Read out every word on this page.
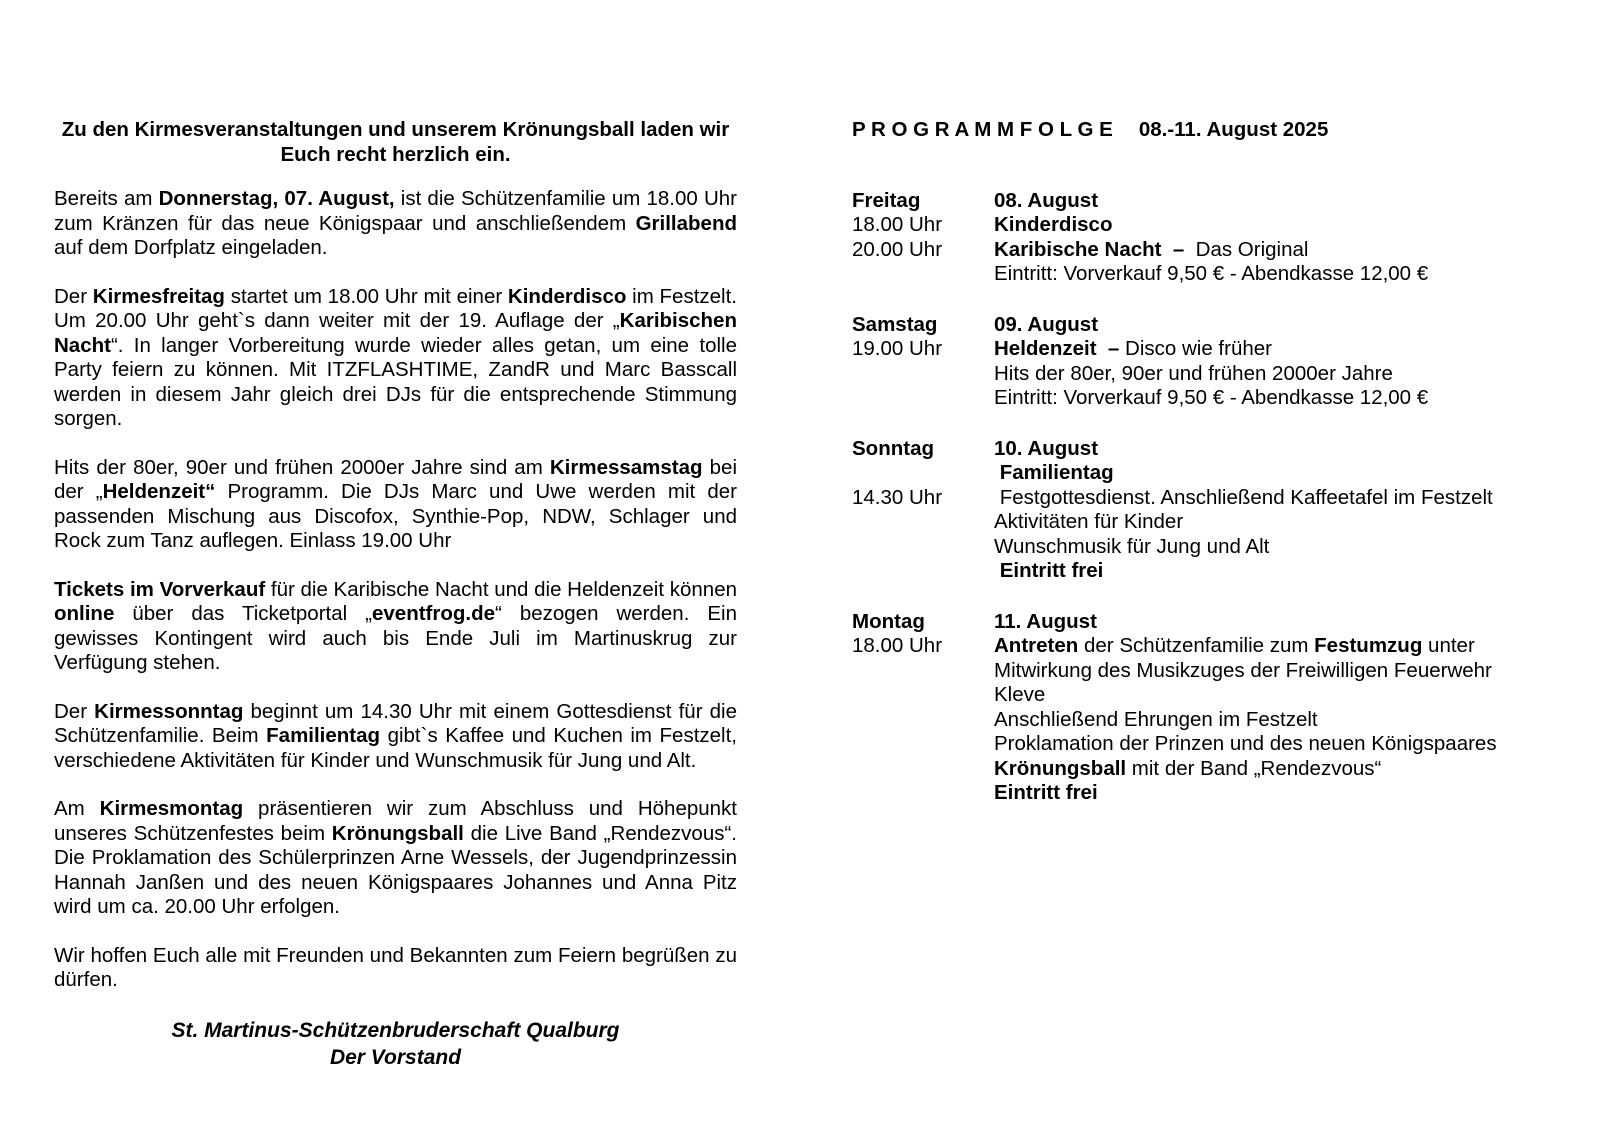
Zu den Kirmesveranstaltungen und unserem Krönungsball laden wir
Euch recht herzlich ein.

Bereits am Donnerstag, 07. August, ist die Schützenfamilie um 18.00 Uhr zum Kränzen für das neue Königspaar und anschließendem Grillabend auf dem Dorfplatz eingeladen.

Der Kirmesfreitag startet um 18.00 Uhr mit einer Kinderdisco im Festzelt. Um 20.00 Uhr geht`s dann weiter mit der 19. Auflage der „Karibischen Nacht“. In langer Vorbereitung wurde wieder alles getan, um eine tolle Party feiern zu können. Mit ITZFLASHTIME, ZandR und Marc Basscall werden in diesem Jahr gleich drei DJs für die entsprechende Stimmung sorgen.

Hits der 80er, 90er und frühen 2000er Jahre sind am Kirmessamstag bei der „Heldenzeit“ Programm. Die DJs Marc und Uwe werden mit der passenden Mischung aus Discofox, Synthie-Pop, NDW, Schlager und Rock zum Tanz auflegen. Einlass 19.00 Uhr

Tickets im Vorverkauf für die Karibische Nacht und die Heldenzeit können online über das Ticketportal „eventfrog.de“ bezogen werden. Ein gewisses Kontingent wird auch bis Ende Juli im Martinuskrug zur Verfügung stehen.

Der Kirmessonntag beginnt um 14.30 Uhr mit einem Gottesdienst für die Schützenfamilie. Beim Familientag gibt`s Kaffee und Kuchen im Festzelt, verschiedene Aktivitäten für Kinder und Wunschmusik für Jung und Alt.

Am Kirmesmontag präsentieren wir zum Abschluss und Höhepunkt unseres Schützenfestes beim Krönungsball die Live Band „Rendezvous“. Die Proklamation des Schülerprinzen Arne Wessels, der Jugendprinzessin Hannah Janßen und des neuen Königspaares Johannes und Anna Pitz wird um ca. 20.00 Uhr erfolgen.

Wir hoffen Euch alle mit Freunden und Bekannten zum Feiern begrüßen zu dürfen.

St. Martinus-Schützenbruderschaft Qualburg
Der Vorstand
P R O G R A M M F O L G E 08.-11. August 2025
Freitag	08. August
18.00 Uhr	Kinderdisco
20.00 Uhr	Karibische Nacht  –  Das Original
Eintritt: Vorverkauf 9,50 € - Abendkasse 12,00 €
Samstag	09. August
19.00 Uhr	Heldenzeit  – Disco wie früher
Hits der 80er, 90er und frühen 2000er Jahre
Eintritt: Vorverkauf 9,50 € - Abendkasse 12,00 €
Sonntag	10. August
Familientag
14.30 Uhr	Festgottesdienst. Anschließend Kaffeetafel im Festzelt
Aktivitäten für Kinder
Wunschmusik für Jung und Alt
Eintritt frei
Montag	11. August
18.00 Uhr	Antreten der Schützenfamilie zum Festumzug unter
Mitwirkung des Musikzuges der Freiwilligen Feuerwehr
Kleve
Anschließend Ehrungen im Festzelt
Proklamation der Prinzen und des neuen Königspaares
Krönungsball mit der Band „Rendezvous“
Eintritt frei
